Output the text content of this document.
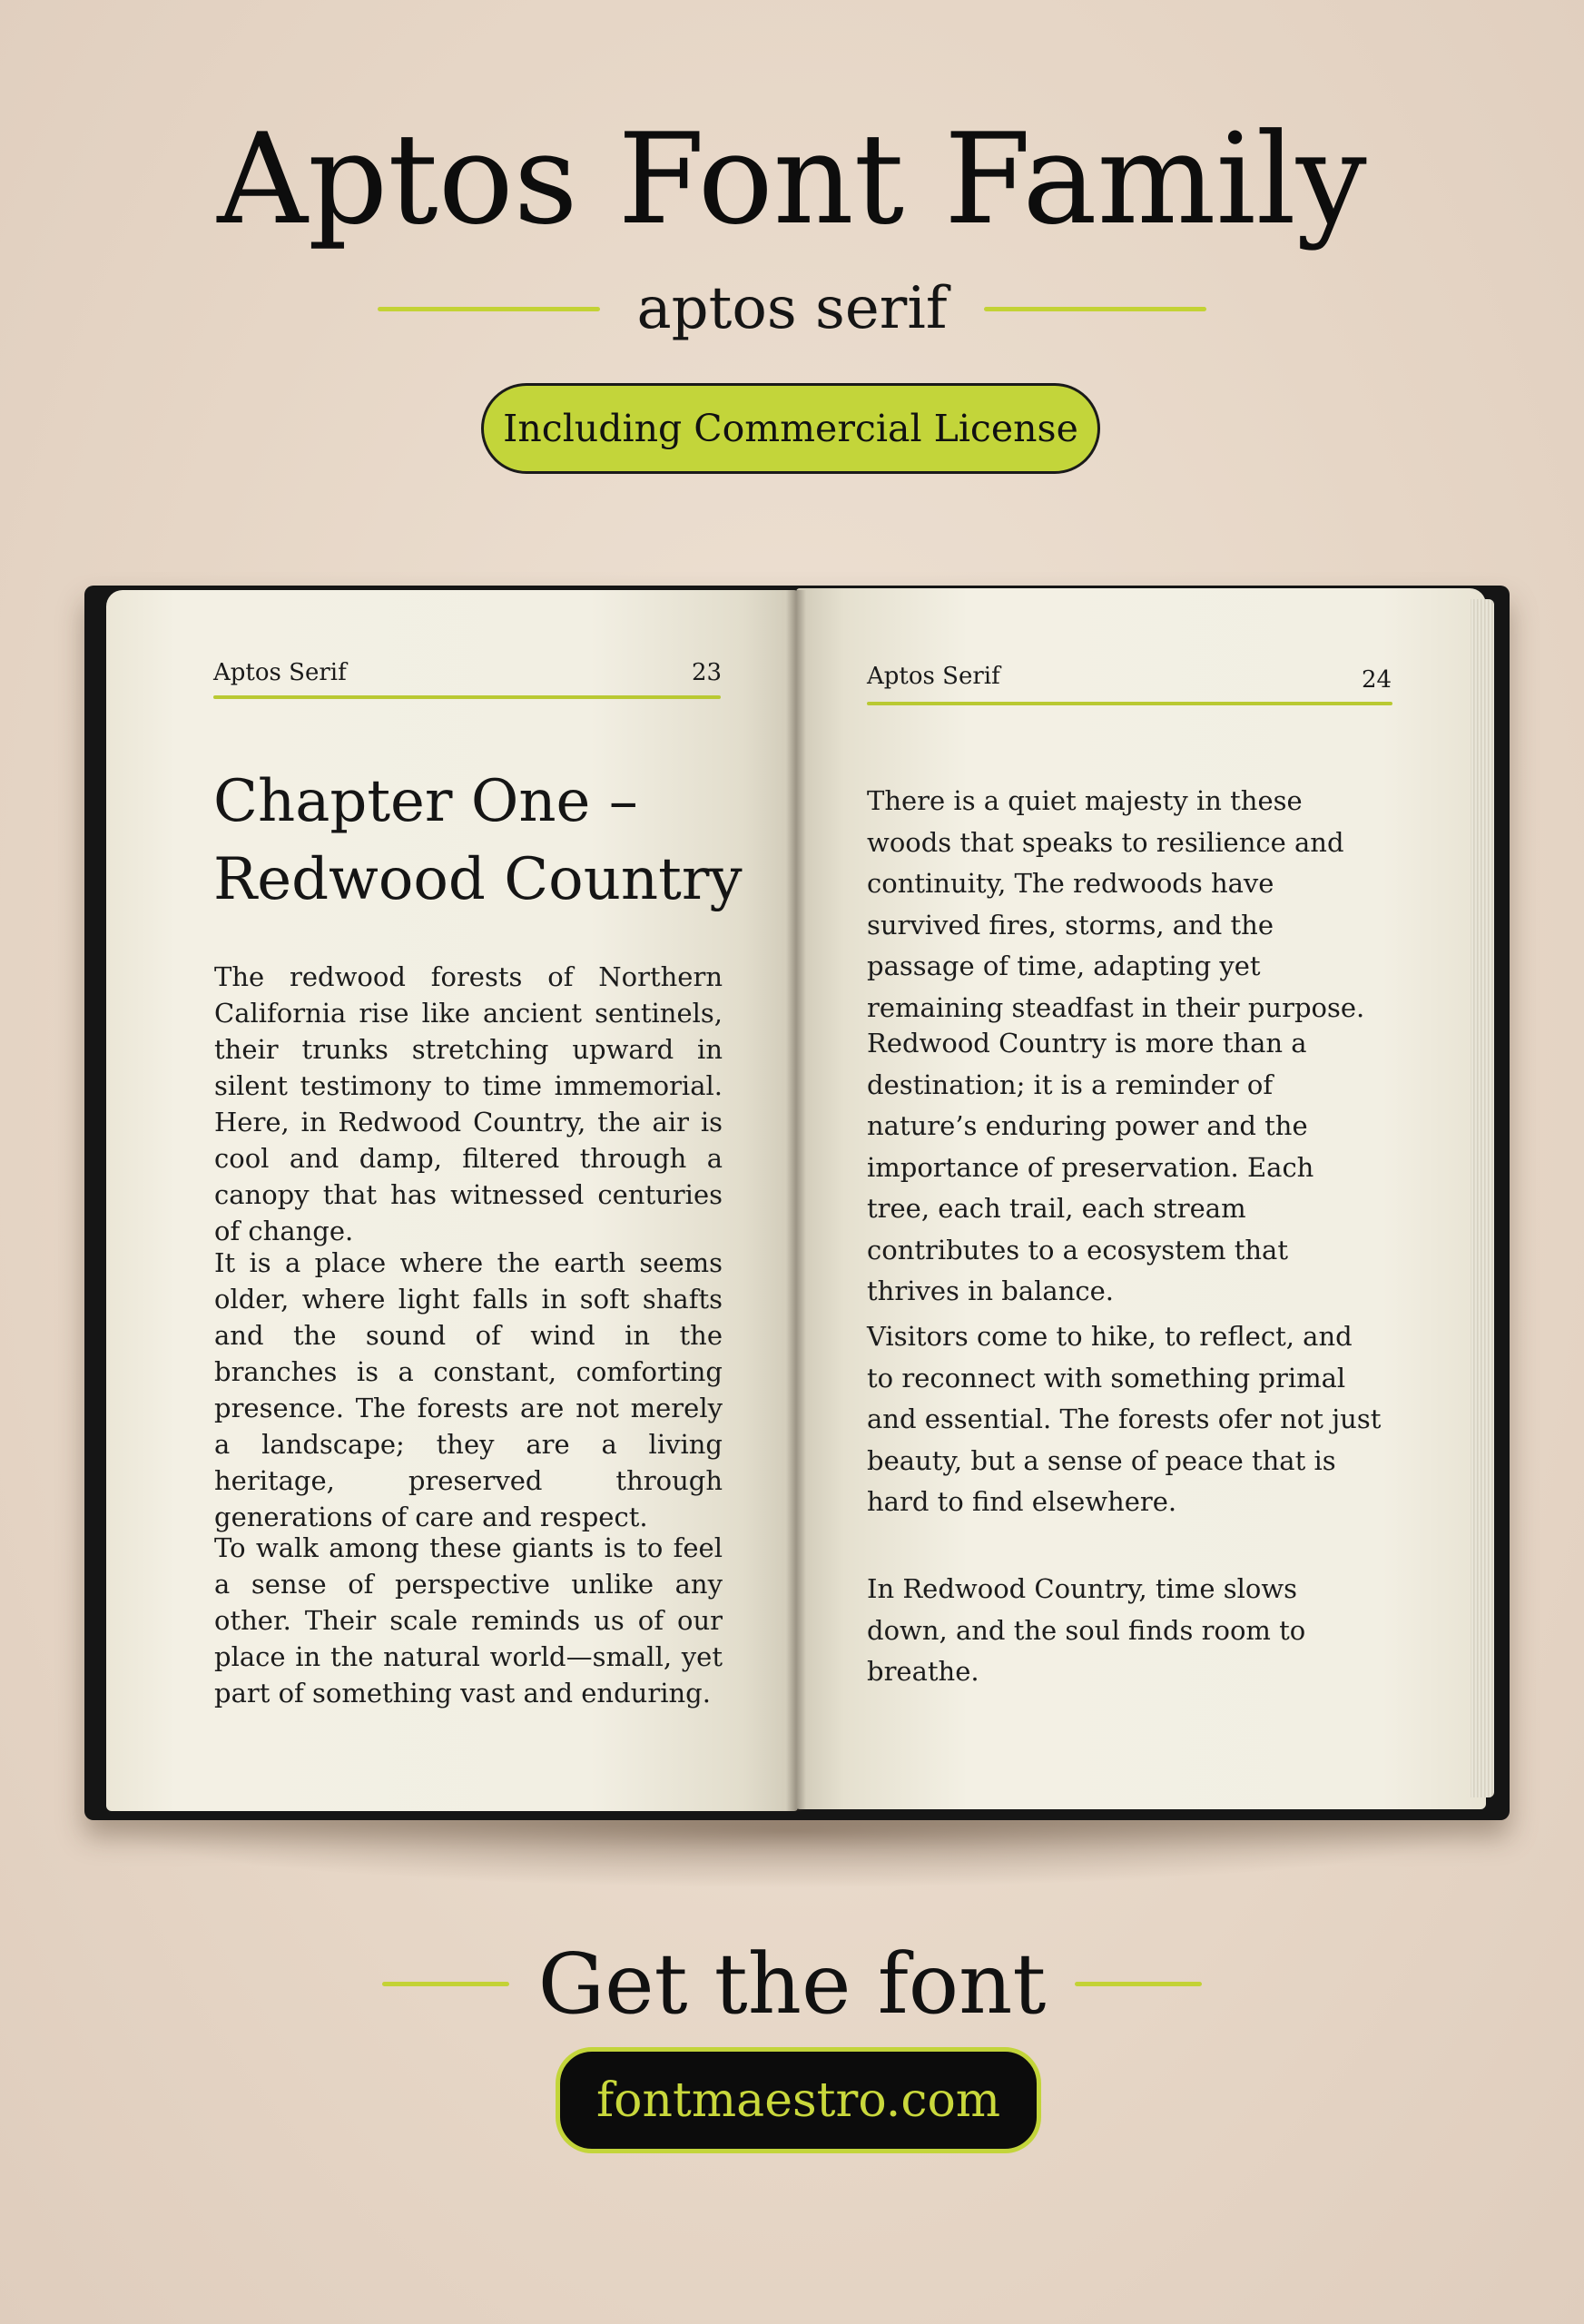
Aptos Font Family
aptos serif
Including Commercial License
Aptos Serif	23
Chapter One –
Redwood Country

The redwood forests of Northern California rise like ancient sentinels, their trunks stretching upward in silent testimony to time immemorial. Here, in Redwood Country, the air is cool and damp, filtered through a canopy that has witnessed centuries of change.

It is a place where the earth seems older, where light falls in soft shafts and the sound of wind in the branches is a constant, comforting presence. The forests are not merely a landscape; they are a living heritage, preserved through generations of care and respect.

To walk among these giants is to feel a sense of perspective unlike any other. Their scale reminds us of our place in the natural world—small, yet part of something vast and enduring.

Aptos Serif	24

There is a quiet majesty in these woods that speaks to resilience and continuity, The redwoods have survived fires, storms, and the passage of time, adapting yet remaining steadfast in their purpose.

Redwood Country is more than a destination; it is a reminder of nature’s enduring power and the importance of preservation. Each tree, each trail, each stream contributes to a ecosystem that thrives in balance.

Visitors come to hike, to reflect, and to reconnect with something primal and essential. The forests ofer not just beauty, but a sense of peace that is hard to find elsewhere.

In Redwood Country, time slows down, and the soul finds room to breathe.

Get the font
fontmaestro.com
